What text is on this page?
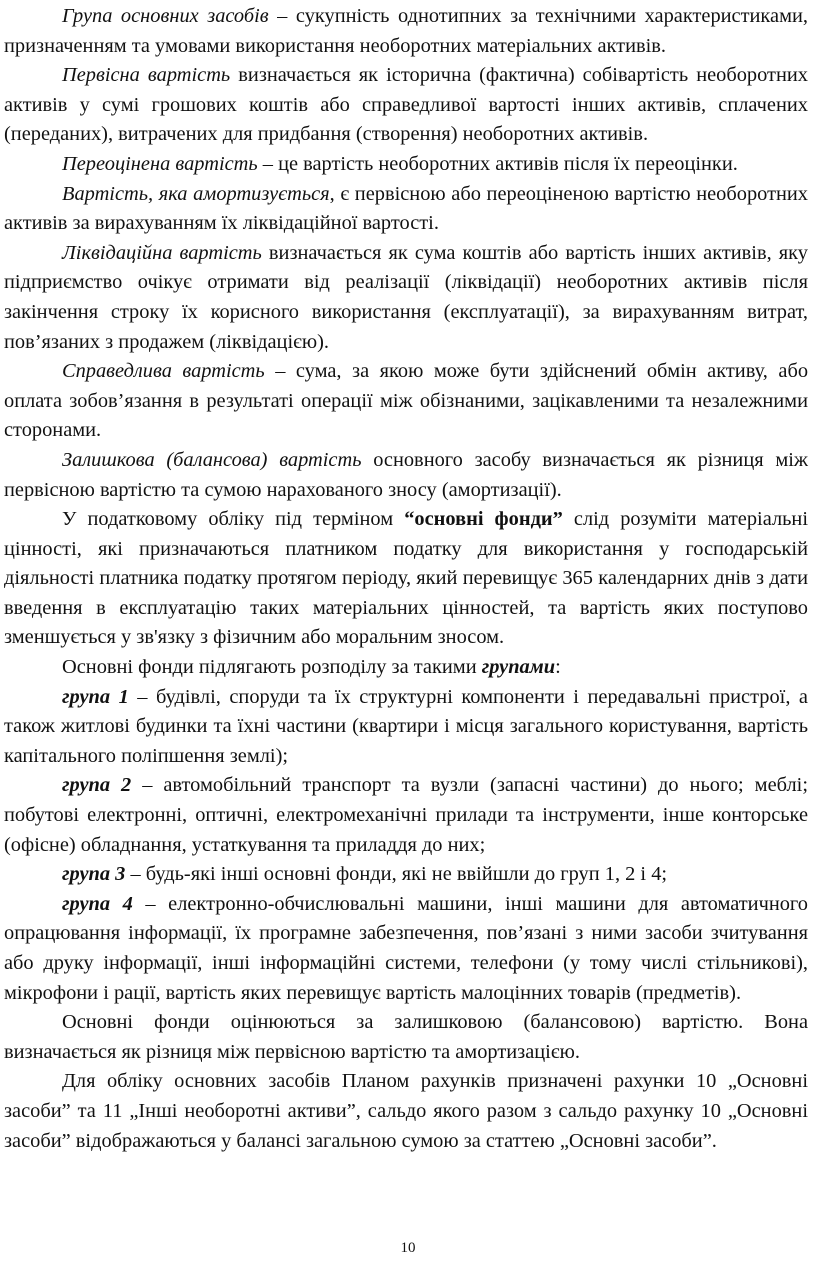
Група основних засобів – сукупність однотипних за технічними характеристиками, призначенням та умовами використання необоротних матеріальних активів.

Первісна вартість визначається як історична (фактична) собівартість необоротних активів у сумі грошових коштів або справедливої вартості інших активів, сплачених (переданих), витрачених для придбання (створення) необоротних активів.

Переоцінена вартість – це вартість необоротних активів після їх переоцінки.

Вартість, яка амортизується, є первісною або переоціненою вартістю необоротних активів за вирахуванням їх ліквідаційної вартості.

Ліквідаційна вартість визначається як сума коштів або вартість інших активів, яку підприємство очікує отримати від реалізації (ліквідації) необоротних активів після закінчення строку їх корисного використання (експлуатації), за вирахуванням витрат, пов’язаних з продажем (ліквідацією).

Справедлива вартість – сума, за якою може бути здійснений обмін активу, або оплата зобов’язання в результаті операції між обізнаними, зацікавленими та незалежними сторонами.

Залишкова (балансова) вартість основного засобу визначається як різниця між первісною вартістю та сумою нарахованого зносу (амортизації).

У податковому обліку під терміном “основні фонди” слід розуміти матеріальні цінності, які призначаються платником податку для використання у господарській діяльності платника податку протягом періоду, який перевищує 365 календарних днів з дати введення в експлуатацію таких матеріальних цінностей, та вартість яких поступово зменшується у зв'язку з фізичним або моральним зносом.

Основні фонди підлягають розподілу за такими групами:

група 1 – будівлі, споруди та їх структурні компоненти і передавальні пристрої, а також житлові будинки та їхні частини (квартири і місця загального користування, вартість капітального поліпшення землі);

група 2 – автомобільний транспорт та вузли (запасні частини) до нього; меблі; побутові електронні, оптичні, електромеханічні прилади та інструменти, інше конторське (офісне) обладнання, устаткування та приладдя до них;

група 3 – будь-які інші основні фонди, які не ввійшли до груп 1, 2 і 4;

група 4 – електронно-обчислювальні машини, інші машини для автоматичного опрацювання інформації, їх програмне забезпечення, пов’язані з ними засоби зчитування або друку інформації, інші інформаційні системи, телефони (у тому числі стільникові), мікрофони і рації, вартість яких перевищує вартість малоцінних товарів (предметів).

Основні фонди оцінюються за залишковою (балансовою) вартістю. Вона визначається як різниця між первісною вартістю та амортизацією.

Для обліку основних засобів Планом рахунків призначені рахунки 10 „Основні засоби” та 11 „Інші необоротні активи”, сальдо якого разом з сальдо рахунку 10 „Основні засоби” відображаються у балансі загальною сумою за статтею „Основні засоби”.

10
